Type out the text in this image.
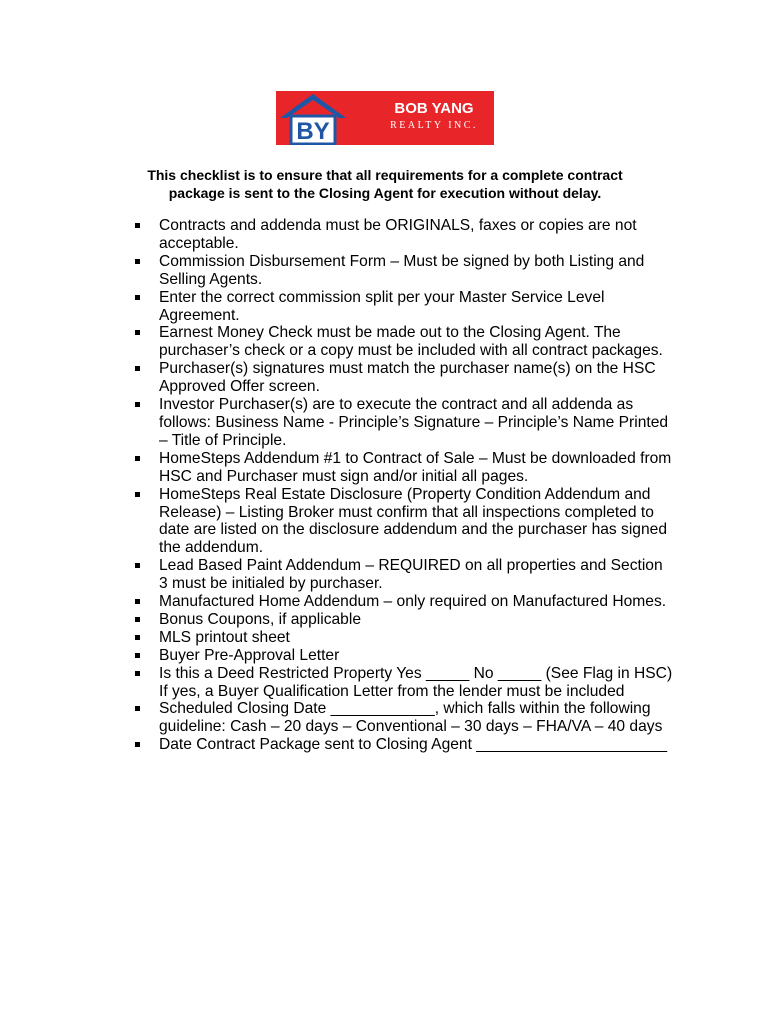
BY
BOB YANG
REALTY INC.
This checklist is to ensure that all requirements for a complete contract
package is sent to the Closing Agent for execution without delay.
Contracts and addenda must be ORIGINALS, faxes or copies are not
acceptable.
Commission Disbursement Form – Must be signed by both Listing and
Selling Agents.
Enter the correct commission split per your Master Service Level
Agreement.
Earnest Money Check must be made out to the Closing Agent. The
purchaser’s check or a copy must be included with all contract packages.
Purchaser(s) signatures must match the purchaser name(s) on the HSC
Approved Offer screen.
Investor Purchaser(s) are to execute the contract and all addenda as
follows: Business Name - Principle’s Signature – Principle’s Name Printed
– Title of Principle.
HomeSteps Addendum #1 to Contract of Sale – Must be downloaded from
HSC and Purchaser must sign and/or initial all pages.
HomeSteps Real Estate Disclosure (Property Condition Addendum and
Release) – Listing Broker must confirm that all inspections completed to
date are listed on the disclosure addendum and the purchaser has signed
the addendum.
Lead Based Paint Addendum – REQUIRED on all properties and Section
3 must be initialed by purchaser.
Manufactured Home Addendum – only required on Manufactured Homes.
Bonus Coupons, if applicable
MLS printout sheet
Buyer Pre-Approval Letter
Is this a Deed Restricted Property Yes _____ No _____ (See Flag in HSC)
If yes, a Buyer Qualification Letter from the lender must be included
Scheduled Closing Date ____________, which falls within the following
guideline: Cash – 20 days – Conventional – 30 days – FHA/VA – 40 days
Date Contract Package sent to Closing Agent ______________________
